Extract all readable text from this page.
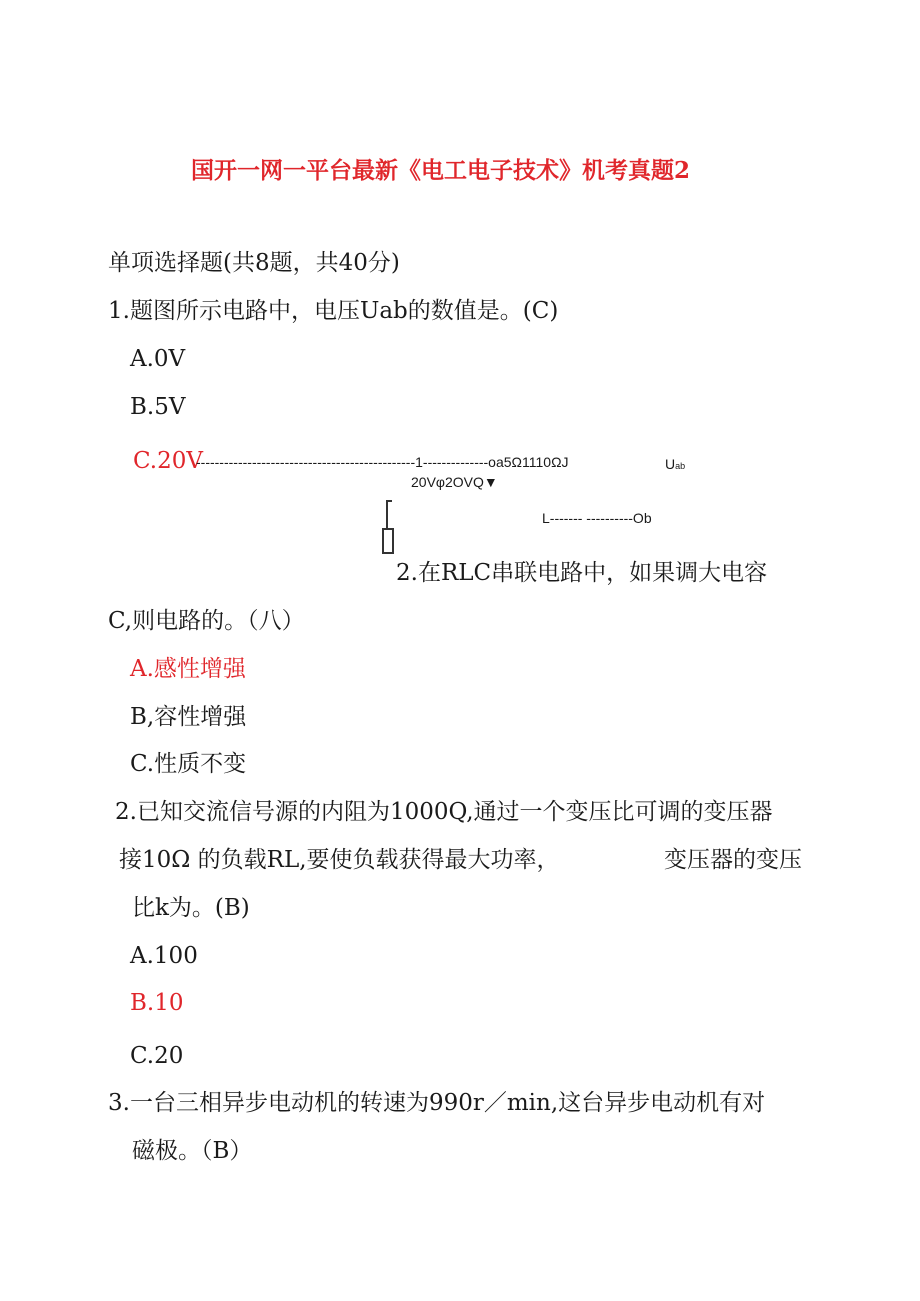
国开一网一平台最新《电工电子技术》机考真题2
单项选择题(共8题，共40分)
1.题图所示电路中，电压Uab的数值是。(C)
A.0V
B.5V
C.20V
-----------------------------------------------1--------------oa5Ω1110ΩJ	Uab
20Vφ2OVQ▼
L------- ----------Ob
2.在RLC串联电路中，如果调大电容
C,则电路的。（八）
A.感性增强
B,容性增强
C.性质不变
2.已知交流信号源的内阻为1000Q,通过一个变压比可调的变压器
接10Ω 的负载RL,要使负载获得最大功率，	变压器的变压
比k为。(B)
A.100
B.10
C.20
3.一台三相异步电动机的转速为990r／min,这台异步电动机有对
磁极。（B）
